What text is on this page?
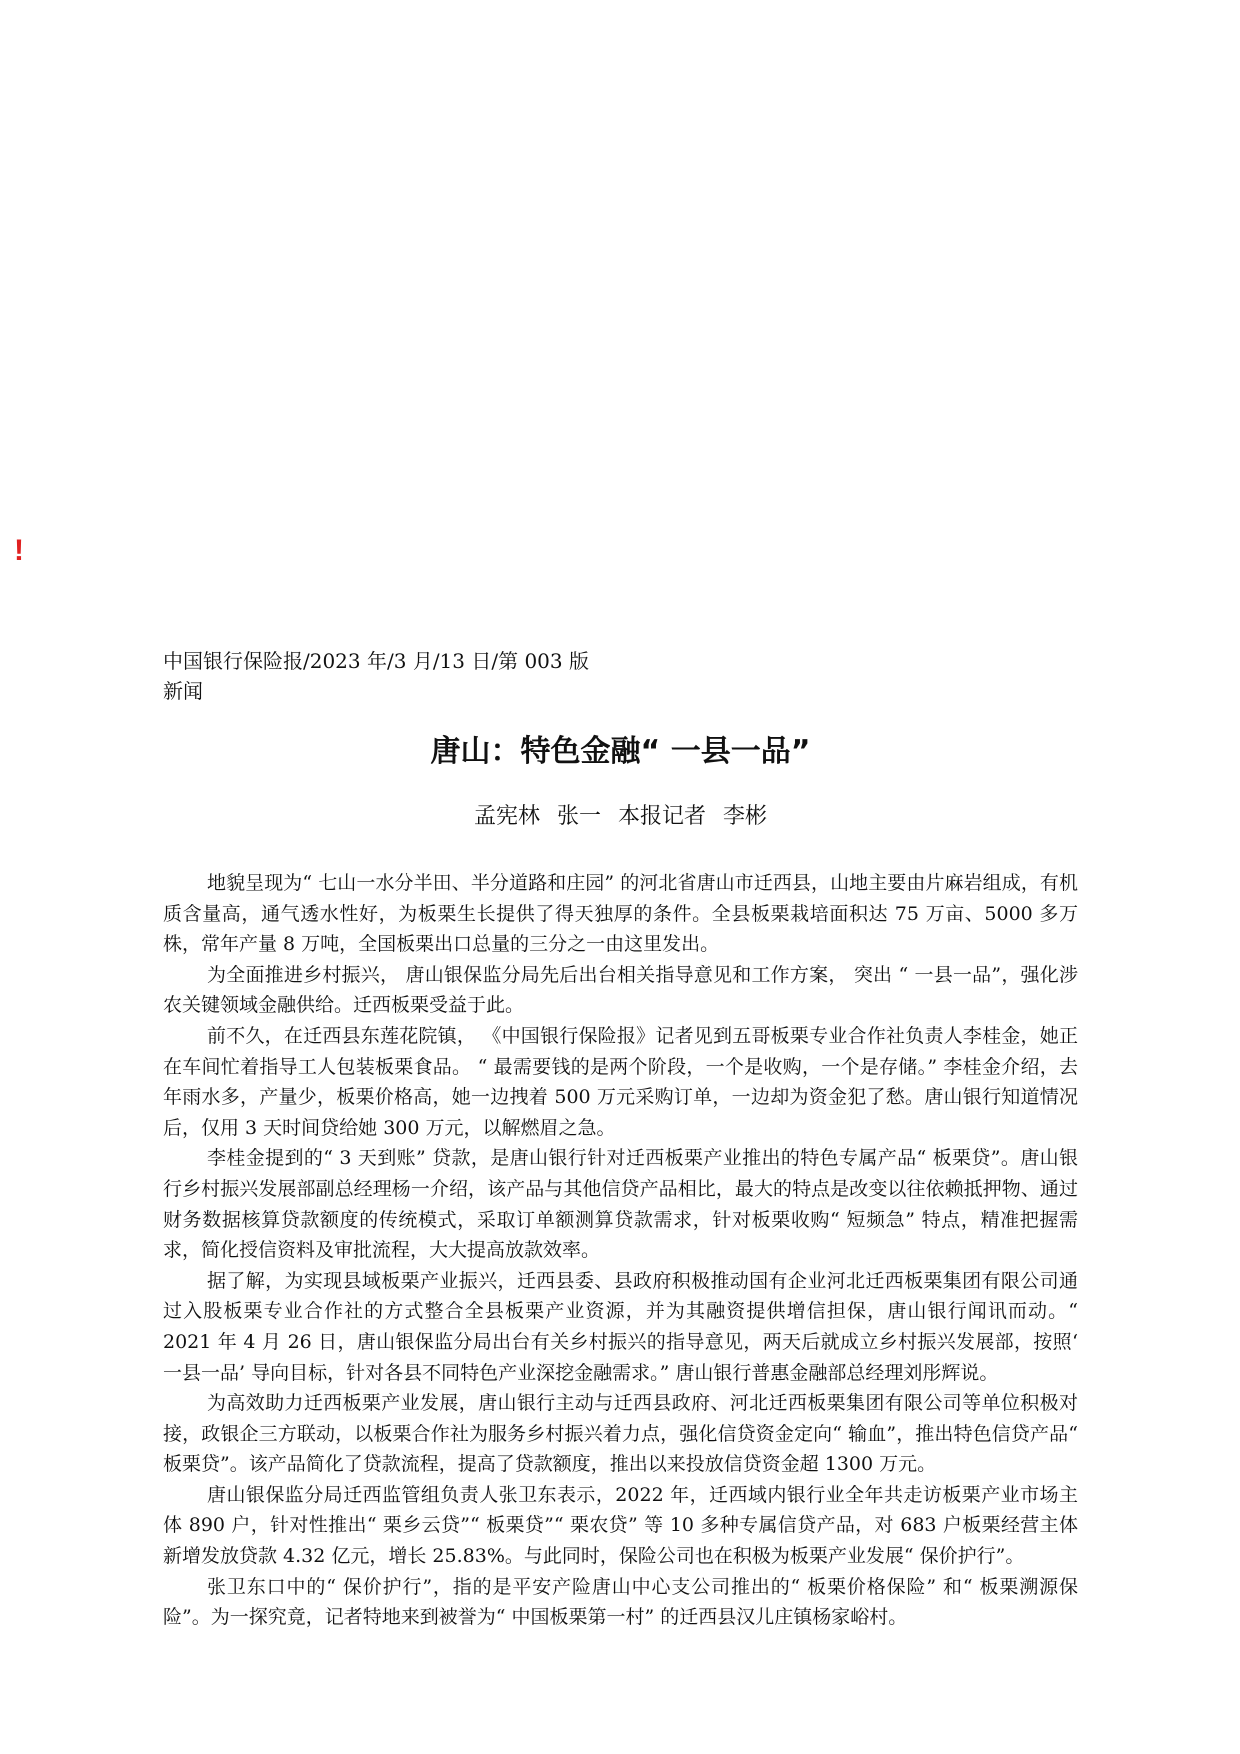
!
中国银行保险报/2023 年/3 月/13 日/第 003 版新闻
唐山：特色金融“ 一县一品”
孟宪林 张一 本报记者 李彬

地貌呈现为“ 七山一水分半田、半分道路和庄园” 的河北省唐山市迁西县，山地主要由片麻岩组成，有机质含量高，通气透水性好，为板栗生长提供了得天独厚的条件。全县板栗栽培面积达 75 万亩、5000 多万株，常年产量 8 万吨，全国板栗出口总量的三分之一由这里发出。

为全面推进乡村振兴， 唐山银保监分局先后出台相关指导意见和工作方案， 突出 “ 一县一品”，强化涉农关键领域金融供给。迁西板栗受益于此。

前不久，在迁西县东莲花院镇， 《中国银行保险报》记者见到五哥板栗专业合作社负责人李桂金，她正在车间忙着指导工人包装板栗食品。 “ 最需要钱的是两个阶段，一个是收购，一个是存储。” 李桂金介绍，去年雨水多，产量少，板栗价格高，她一边拽着 500 万元采购订单，一边却为资金犯了愁。唐山银行知道情况后，仅用 3 天时间贷给她 300 万元，以解燃眉之急。

李桂金提到的“ 3 天到账” 贷款，是唐山银行针对迁西板栗产业推出的特色专属产品“ 板栗贷”。唐山银行乡村振兴发展部副总经理杨一介绍，该产品与其他信贷产品相比，最大的特点是改变以往依赖抵押物、通过财务数据核算贷款额度的传统模式，采取订单额测算贷款需求，针对板栗收购“ 短频急” 特点，精准把握需求，简化授信资料及审批流程，大大提高放款效率。

据了解，为实现县域板栗产业振兴，迁西县委、县政府积极推动国有企业河北迁西板栗集团有限公司通过入股板栗专业合作社的方式整合全县板栗产业资源，并为其融资提供增信担保，唐山银行闻讯而动。“ 2021 年 4 月 26 日，唐山银保监分局出台有关乡村振兴的指导意见，两天后就成立乡村振兴发展部，按照‘ 一县一品’ 导向目标，针对各县不同特色产业深挖金融需求。” 唐山银行普惠金融部总经理刘彤辉说。

为高效助力迁西板栗产业发展，唐山银行主动与迁西县政府、河北迁西板栗集团有限公司等单位积极对接，政银企三方联动，以板栗合作社为服务乡村振兴着力点，强化信贷资金定向“ 输血”，推出特色信贷产品“ 板栗贷”。该产品简化了贷款流程，提高了贷款额度，推出以来投放信贷资金超 1300 万元。

唐山银保监分局迁西监管组负责人张卫东表示，2022 年，迁西域内银行业全年共走访板栗产业市场主体 890 户，针对性推出“ 栗乡云贷”“ 板栗贷”“ 栗农贷” 等 10 多种专属信贷产品，对 683 户板栗经营主体新增发放贷款 4.32 亿元，增长 25.83%。与此同时，保险公司也在积极为板栗产业发展“ 保价护行”。

张卫东口中的“ 保价护行”，指的是平安产险唐山中心支公司推出的“ 板栗价格保险” 和“ 板栗溯源保险”。为一探究竟，记者特地来到被誉为“ 中国板栗第一村” 的迁西县汉儿庄镇杨家峪村。
